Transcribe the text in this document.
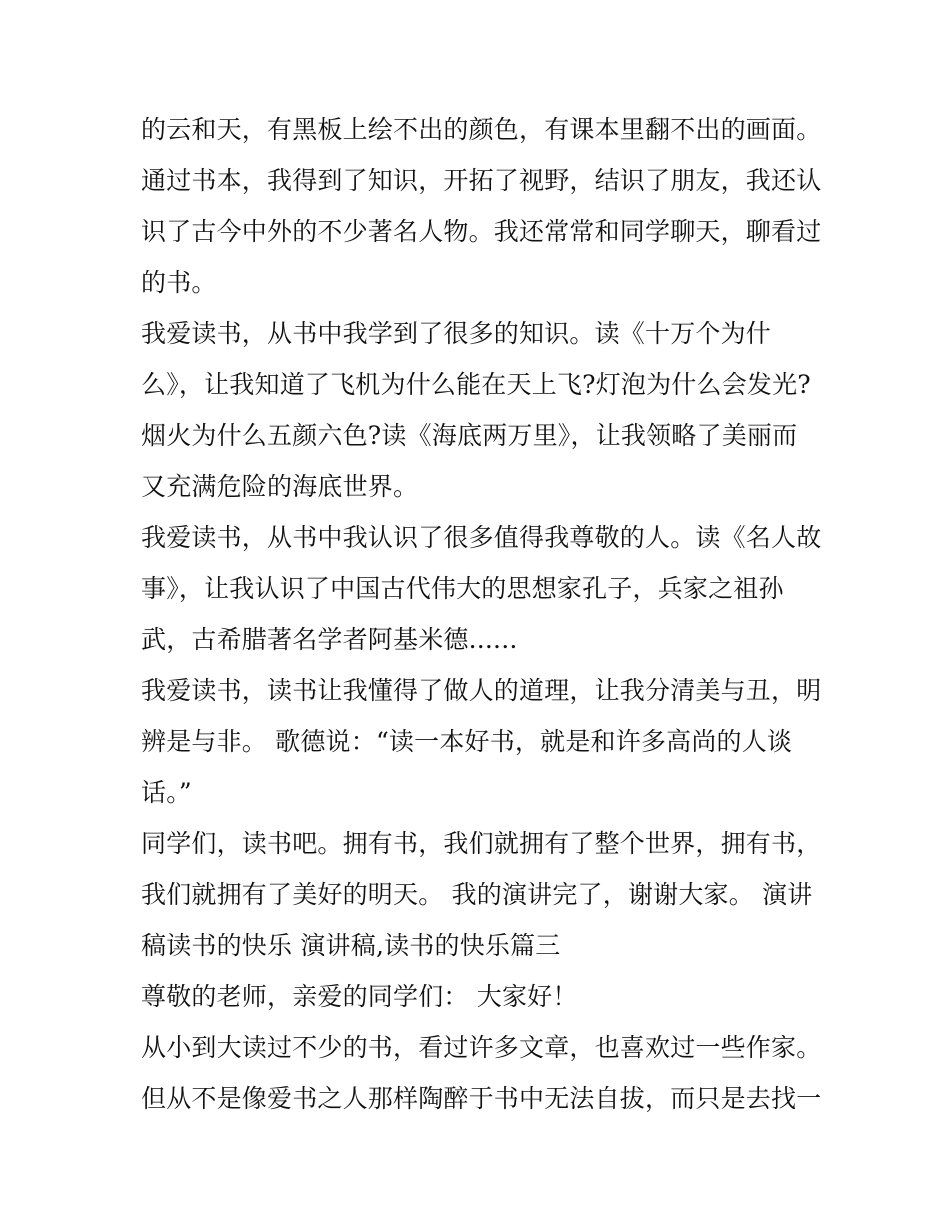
的云和天，有黑板上绘不出的颜色，有课本里翻不出的画面。
通过书本，我得到了知识，开拓了视野，结识了朋友，我还认
识了古今中外的不少著名人物。我还常常和同学聊天，聊看过
的书。
我爱读书，从书中我学到了很多的知识。读《十万个为什
么》，让我知道了飞机为什么能在天上飞?灯泡为什么会发光?
烟火为什么五颜六色?读《海底两万里》，让我领略了美丽而
又充满危险的海底世界。
我爱读书，从书中我认识了很多值得我尊敬的人。读《名人故
事》，让我认识了中国古代伟大的思想家孔子，兵家之祖孙
武，古希腊著名学者阿基米德......
我爱读书，读书让我懂得了做人的道理，让我分清美与丑，明
辨是与非。 歌德说：“读一本好书，就是和许多高尚的人谈
话。”
同学们，读书吧。拥有书，我们就拥有了整个世界，拥有书，
我们就拥有了美好的明天。 我的演讲完了，谢谢大家。 演讲
稿读书的快乐 演讲稿,读书的快乐篇三
尊敬的老师，亲爱的同学们： 大家好！
从小到大读过不少的书，看过许多文章，也喜欢过一些作家。
但从不是像爱书之人那样陶醉于书中无法自拔，而只是去找一
